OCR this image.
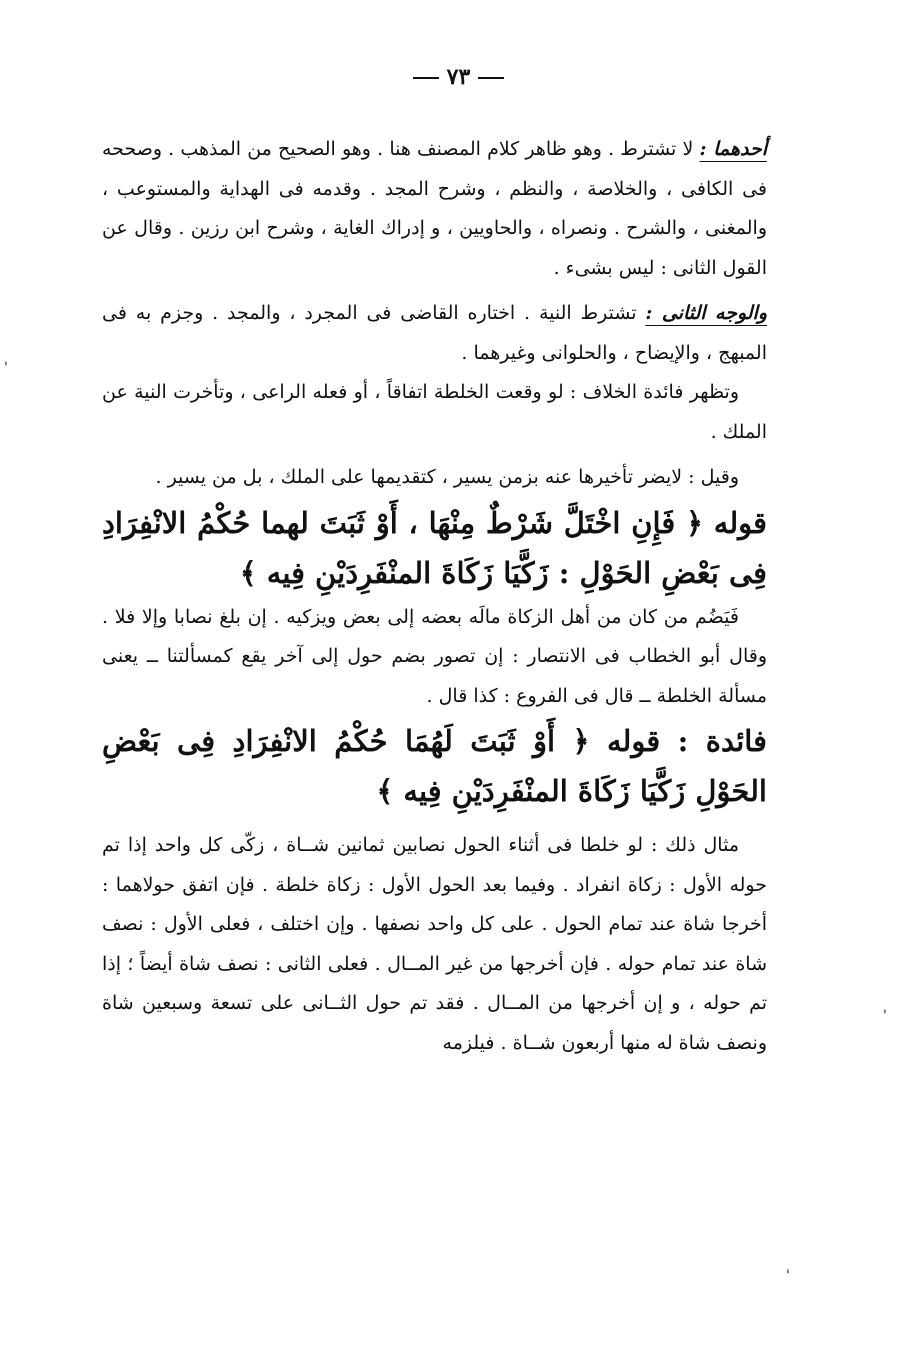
٧٣

أحدهما : لا تشترط . وهو ظاهر كلام المصنف هنا . وهو الصحيح من المذهب . وصححه فى الكافى ، والخلاصة ، والنظم ، وشرح المجد . وقدمه فى الهداية والمستوعب ، والمغنى ، والشرح . ونصراه ، والحاويين ، و إدراك الغاية ، وشرح ابن رزين . وقال عن القول الثانى : ليس بشىء .

والوجه الثانى : تشترط النية . اختاره القاضى فى المجرد ، والمجد . وجزم به فى المبهج ، والإيضاح ، والحلوانى وغيرهما .

وتظهر فائدة الخلاف : لو وقعت الخلطة اتفاقاً ، أو فعله الراعى ، وتأخرت النية عن الملك .

وقيل : لايضر تأخيرها عنه بزمن يسير ، كتقديمها على الملك ، بل من يسير .

قوله ﴿ فَإِنِ اخْتَلَّ شَرْطٌ مِنْهَا ، أَوْ ثَبَتَ لهما حُكْمُ الانْفِرَادِ فِى بَعْضِ الحَوْلِ : زَكَّيَا زَكَاةَ المنْفَرِدَيْنِ فِيه ﴾

فَيَضُم من كان من أهل الزكاة مالَه بعضه إلى بعض ويزكيه . إن بلغ نصابا وإلا فلا . وقال أبو الخطاب فى الانتصار : إن تصور بضم حول إلى آخر يقع كمسألتنا ــ يعنى مسألة الخلطة ــ قال فى الفروع : كذا قال .

فائدة : قوله ﴿ أَوْ ثَبَتَ لَهُمَا حُكْمُ الانْفِرَادِ فِى بَعْضِ الحَوْلِ زَكَّيَا زَكَاةَ المنْفَرِدَيْنِ فِيه ﴾

مثال ذلك : لو خلطا فى أثناء الحول نصابين ثمانين شــاة ، زكّى كل واحد إذا تم حوله الأول : زكاة انفراد . وفيما بعد الحول الأول : زكاة خلطة . فإن اتفق حولاهما : أخرجا شاة عند تمام الحول . على كل واحد نصفها . وإن اختلف ، فعلى الأول : نصف شاة عند تمام حوله . فإن أخرجها من غير المــال . فعلى الثانى : نصف شاة أيضاً ؛ إذا تم حوله ، و إن أخرجها من المــال . فقد تم حول الثــانى على تسعة وسبعين شاة ونصف شاة له منها أربعون شــاة . فيلزمه

'
'
'
